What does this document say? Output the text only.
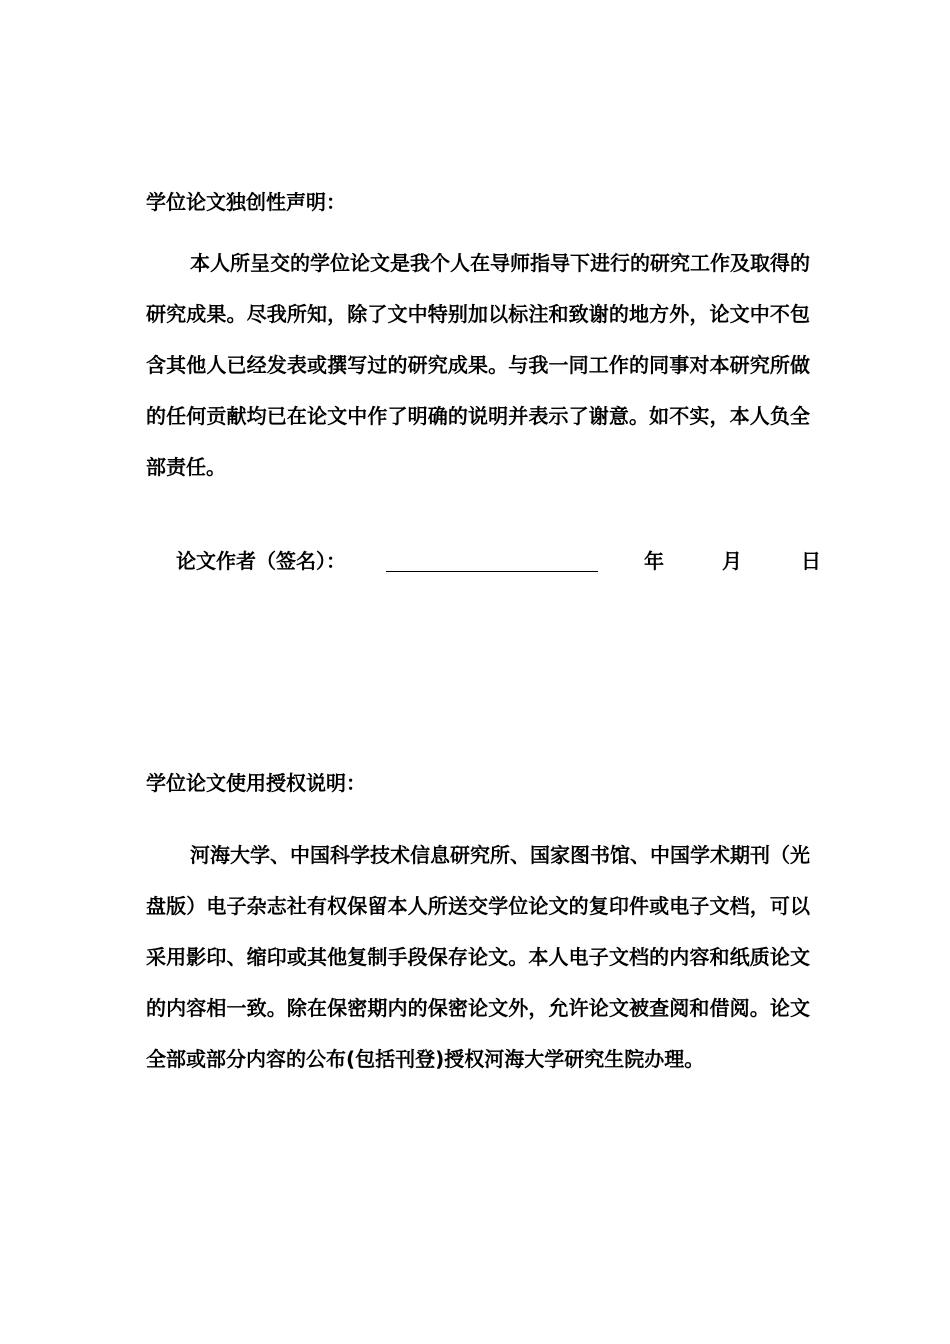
学位论文独创性声明：

本人所呈交的学位论文是我个人在导师指导下进行的研究工作及取得的研究成果。尽我所知，除了文中特别加以标注和致谢的地方外，论文中不包含其他人已经发表或撰写过的研究成果。与我一同工作的同事对本研究所做的任何贡献均已在论文中作了明确的说明并表示了谢意。如不实，本人负全部责任。

论文作者（签名）：	年	月	日
学位论文使用授权说明：

河海大学、中国科学技术信息研究所、国家图书馆、中国学术期刊（光盘版）电子杂志社有权保留本人所送交学位论文的复印件或电子文档，可以采用影印、缩印或其他复制手段保存论文。本人电子文档的内容和纸质论文的内容相一致。除在保密期内的保密论文外，允许论文被查阅和借阅。论文全部或部分内容的公布(包括刊登)授权河海大学研究生院办理。
